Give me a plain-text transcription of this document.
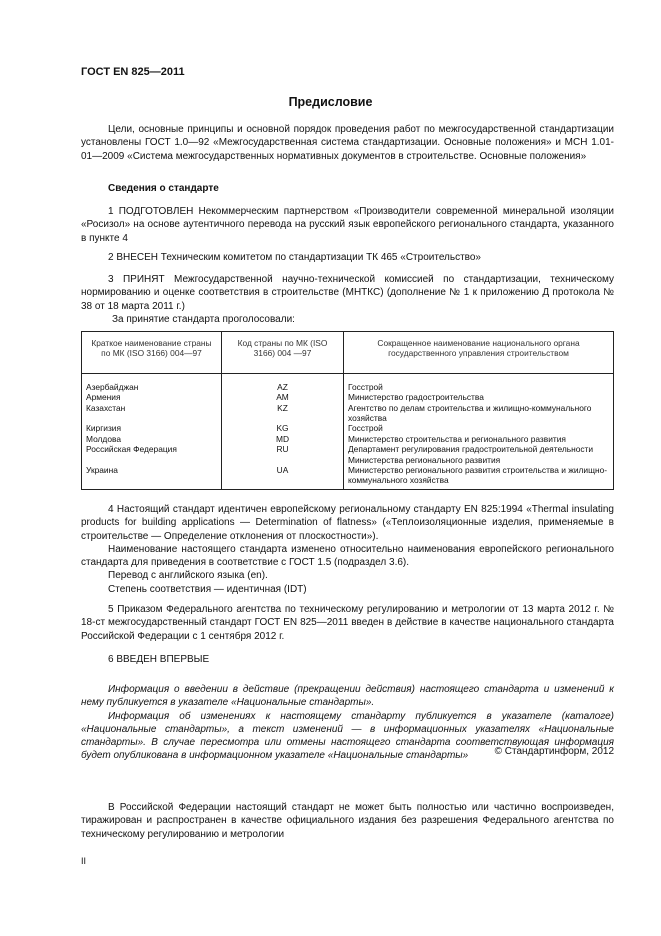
ГОСТ EN 825—2011
Предисловие

Цели, основные принципы и основной порядок проведения работ по межгосударственной стандартизации установлены ГОСТ 1.0—92 «Межгосударственная система стандартизации. Основные положения» и МСН 1.01-01—2009 «Система межгосударственных нормативных документов в строительстве. Основные положения»

Сведения о стандарте

1 ПОДГОТОВЛЕН Некоммерческим партнерством «Производители современной минеральной изоляции «Росизол» на основе аутентичного перевода на русский язык европейского регионального стандарта, указанного в пункте 4

2 ВНЕСЕН Техническим комитетом по стандартизации ТК 465 «Строительство»

3 ПРИНЯТ Межгосударственной научно-технической комиссией по стандартизации, техническому нормированию и оценке соответствия в строительстве (МНТКС) (дополнение № 1 к приложению Д протокола № 38 от 18 марта 2011 г.)

За принятие стандарта проголосовали:

Краткое наименование страны по МК (ISO 3166) 004—97	Код страны по МК (ISO 3166) 004 —97	Сокращенное наименование национального органа государственного управления строительством
Азербайджан	AZ	Госстрой
Армения	AM	Министерство градостроительства
Казахстан	KZ	Агентство по делам строительства и жилищно-коммунального хозяйства
Киргизия	KG	Госстрой
Молдова	MD	Министерство строительства и регионального развития
Российская Федерация	RU	Департамент регулирования градостроительной деятельности Министерства регионального развития
Украина	UA	Министерство регионального развития строительства и жилищно-коммунального хозяйства

4 Настоящий стандарт идентичен европейскому региональному стандарту EN 825:1994 «Thermal insulating products for building applications — Determination of flatness» («Теплоизоляционные изделия, применяемые в строительстве — Определение отклонения от плоскостности»).

Наименование настоящего стандарта изменено относительно наименования европейского регионального стандарта для приведения в соответствие с ГОСТ 1.5 (подраздел 3.6).

Перевод с английского языка (en).

Степень соответствия — идентичная (IDT)

5 Приказом Федерального агентства по техническому регулированию и метрологии от 13 марта 2012 г. № 18-ст межгосударственный стандарт ГОСТ EN 825—2011 введен в действие в качестве национального стандарта Российской Федерации с 1 сентября 2012 г.

6 ВВЕДЕН ВПЕРВЫЕ

Информация о введении в действие (прекращении действия) настоящего стандарта и изменений к нему публикуется в указателе «Национальные стандарты».

Информация об изменениях к настоящему стандарту публикуется в указателе (каталоге) «Национальные стандарты», а текст изменений — в информационных указателях «Национальные стандарты». В случае пересмотра или отмены настоящего стандарта соответствующая информация будет опубликована в информационном указателе «Национальные стандарты»	© Стандартинформ, 2012

В Российской Федерации настоящий стандарт не может быть полностью или частично воспроизведен, тиражирован и распространен в качестве официального издания без разрешения Федерального агентства по техническому регулированию и метрологии

II
